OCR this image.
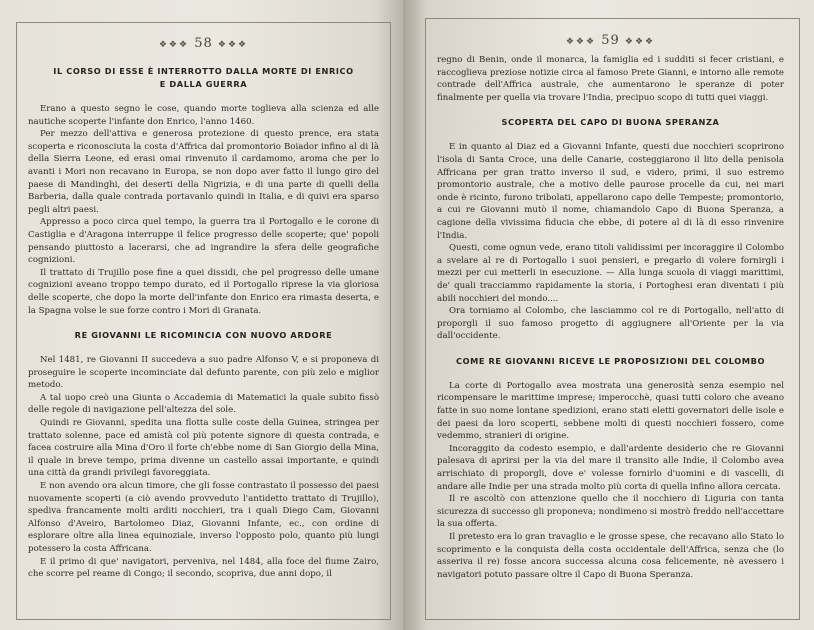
❖❖❖ 58 ❖❖❖
IL CORSO DI ESSE È INTERROTTO DALLA MORTE DI ENRICO
E DALLA GUERRA

Erano a questo segno le cose, quando morte toglieva alla scienza ed alle nautiche scoperte l'infante don Enrico, l'anno 1460.

Per mezzo dell'attiva e generosa protezione di questo prence, era stata scoperta e riconosciuta la costa d'Affrica dal promontorio Boiador infino al di là della Sierra Leone, ed erasi omai rinvenuto il cardamomo, aroma che per lo avanti i Mori non recavano in Europa, se non dopo aver fatto il lungo giro del paese di Mandinghi, dei deserti della Nigrizia, e di una parte di quelli della Barberia, dalla quale contrada portavanlo quindi in Italia, e di quivi era sparso pegli altri paesi.

Appresso a poco circa quel tempo, la guerra tra il Portogallo e le corone di Castiglia e d'Aragona interruppe il felice progresso delle scoperte; que' popoli pensando piuttosto a lacerarsi, che ad ingrandire la sfera delle geografiche cognizioni.

Il trattato di Trujillo pose fine a quei dissidi, che pel progresso delle umane cognizioni aveano troppo tempo durato, ed il Portogallo riprese la via gloriosa delle scoperte, che dopo la morte dell'infante don Enrico era rimasta deserta, e la Spagna volse le sue forze contro i Mori di Granata.

RE GIOVANNI LE RICOMINCIA CON NUOVO ARDORE

Nel 1481, re Giovanni II succedeva a suo padre Alfonso V, e si proponeva di proseguire le scoperte incominciate dal defunto parente, con più zelo e miglior metodo.

A tal uopo creò una Giunta o Accademia di Matematici la quale subito fissò delle regole di navigazione pell'altezza del sole.

Quindi re Giovanni, spedita una flotta sulle coste della Guinea, stringea per trattato solenne, pace ed amistà col più potente signore di questa contrada, e facea costruire alla Mina d'Oro il forte ch'ebbe nome di San Giorgio della Mina, il quale in breve tempo, prima divenne un castello assai importante, e quindi una città da grandi privilegi favoreggiata.

E non avendo ora alcun timore, che gli fosse contrastato il possesso dei paesi nuovamente scoperti (a ciò avendo provveduto l'antidetto trattato di Trujillo), spediva francamente molti arditi nocchieri, tra i quali Diego Cam, Giovanni Alfonso d'Aveiro, Bartolomeo Diaz, Giovanni Infante, ec., con ordine di esplorare oltre alla linea equinoziale, inverso l'opposto polo, quanto più lungi potessero la costa Affricana.

E il primo di que' navigatori, perveniva, nel 1484, alla foce del fiume Zairo, che scorre pel reame di Congo; il secondo, scopriva, due anni dopo, il

❖❖❖ 59 ❖❖❖

regno di Benin, onde il monarca, la famiglia ed i sudditi si fecer cristiani, e raccoglieva preziose notizie circa al famoso Prete Gianni, e intorno alle remote contrade dell'Affrica australe, che aumentarono le speranze di poter finalmente per quella via trovare l'India, precipuo scopo di tutti quei viaggi.

SCOPERTA DEL CAPO DI BUONA SPERANZA

E in quanto al Diaz ed a Giovanni Infante, questi due nocchieri scoprirono l'isola di Santa Croce, una delle Canarie, costeggiarono il lito della penisola Affricana per gran tratto inverso il sud, e videro, primi, il suo estremo promontorio australe, che a motivo delle paurose procelle da cui, nei mari onde è ricinto, furono tribolati, appellarono capo delle Tempeste; promontorio, a cui re Giovanni mutò il nome, chiamandolo Capo di Buona Speranza, a cagione della vivissima fiducia che ebbe, di potere al di là di esso rinvenire l'India.

Questi, come ognun vede, erano titoli validissimi per incoraggire il Colombo a svelare al re di Portogallo i suoi pensieri, e pregarlo di volere fornirgli i mezzi per cui metterli in esecuzione. — Alla lunga scuola di viaggi marittimi, de' quali tracciammo rapidamente la storia, i Portoghesi eran diventati i più abili nocchieri del mondo....

Ora torniamo al Colombo, che lasciammo col re di Portogallo, nell'atto di proporgli il suo famoso progetto di aggiugnere all'Oriente per la via dall'occidente.

COME RE GIOVANNI RICEVE LE PROPOSIZIONI DEL COLOMBO

La corte di Portogallo avea mostrata una generosità senza esempio nel ricompensare le marittime imprese; imperocchè, quasi tutti coloro che aveano fatte in suo nome lontane spedizioni, erano stati eletti governatori delle isole e dei paesi da loro scoperti, sebbene molti di questi nocchieri fossero, come vedemmo, stranieri di origine.

Incoraggito da codesto esempio, e dall'ardente desiderio che re Giovanni palesava di aprirsi per la via del mare il transito alle Indie, il Colombo avea arrischiato di proporgli, dove e' volesse fornirlo d'uomini e di vascelli, di andare alle Indie per una strada molto più corta di quella infino allora cercata.

Il re ascoltò con attenzione quello che il nocchiero di Liguria con tanta sicurezza di successo gli proponeva; nondimeno si mostrò freddo nell'accettare la sua offerta.

Il pretesto era lo gran travaglio e le grosse spese, che recavano allo Stato lo scoprimento e la conquista della costa occidentale dell'Affrica, senza che (lo asseriva il re) fosse ancora successa alcuna cosa felicemente, nè avessero i navigatori potuto passare oltre il Capo di Buona Speranza.
